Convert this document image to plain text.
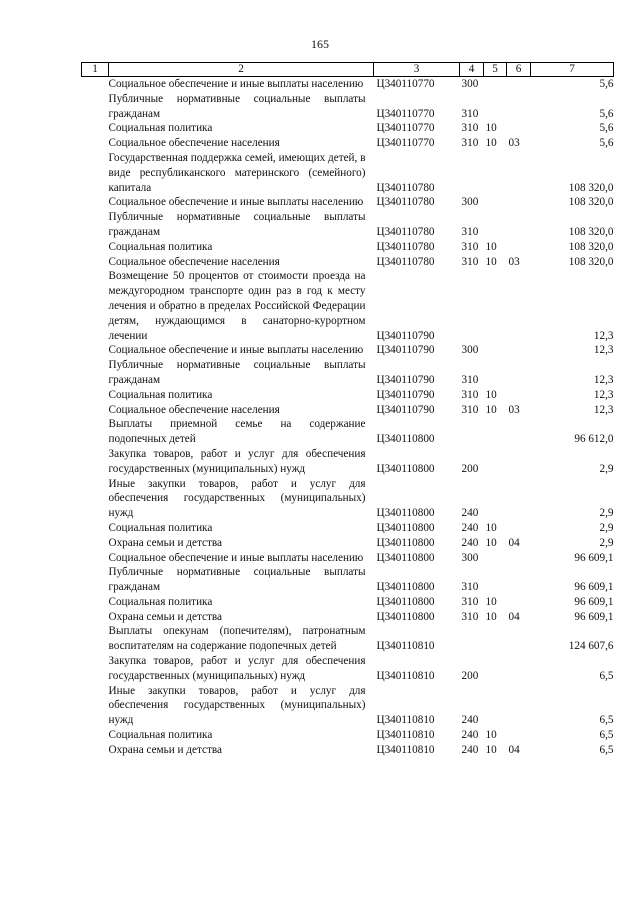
165
1	2	3	4	5	6	7
	Социальное обеспечение и иные выплаты населению	Ц340110770	300			5,6
	Публичные нормативные социальные выплаты гражданам	Ц340110770	310			5,6
	Социальная политика	Ц340110770	310	10		5,6
	Социальное обеспечение населения	Ц340110770	310	10	03	5,6
	Государственная поддержка семей, имеющих детей, в виде республиканского материнского (семейного) капитала	Ц340110780				108 320,0
	Социальное обеспечение и иные выплаты населению	Ц340110780	300			108 320,0
	Публичные нормативные социальные выплаты гражданам	Ц340110780	310			108 320,0
	Социальная политика	Ц340110780	310	10		108 320,0
	Социальное обеспечение населения	Ц340110780	310	10	03	108 320,0
	Возмещение 50 процентов от стоимости проезда на междугородном транспорте один раз в год к месту лечения и обратно в пределах Российской Федерации детям, нуждающимся в санаторно-курортном лечении	Ц340110790				12,3
	Социальное обеспечение и иные выплаты населению	Ц340110790	300			12,3
	Публичные нормативные социальные выплаты гражданам	Ц340110790	310			12,3
	Социальная политика	Ц340110790	310	10		12,3
	Социальное обеспечение населения	Ц340110790	310	10	03	12,3
	Выплаты приемной семье на содержание подопечных детей	Ц340110800				96 612,0
	Закупка товаров, работ и услуг для обеспечения государственных (муниципальных) нужд	Ц340110800	200			2,9
	Иные закупки товаров, работ и услуг для обеспечения государственных (муниципальных) нужд	Ц340110800	240			2,9
	Социальная политика	Ц340110800	240	10		2,9
	Охрана семьи и детства	Ц340110800	240	10	04	2,9
	Социальное обеспечение и иные выплаты населению	Ц340110800	300			96 609,1
	Публичные нормативные социальные выплаты гражданам	Ц340110800	310			96 609,1
	Социальная политика	Ц340110800	310	10		96 609,1
	Охрана семьи и детства	Ц340110800	310	10	04	96 609,1
	Выплаты опекунам (попечителям), патронатным воспитателям на содержание подопечных детей	Ц340110810				124 607,6
	Закупка товаров, работ и услуг для обеспечения государственных (муниципальных) нужд	Ц340110810	200			6,5
	Иные закупки товаров, работ и услуг для обеспечения государственных (муниципальных) нужд	Ц340110810	240			6,5
	Социальная политика	Ц340110810	240	10		6,5
	Охрана семьи и детства	Ц340110810	240	10	04	6,5
